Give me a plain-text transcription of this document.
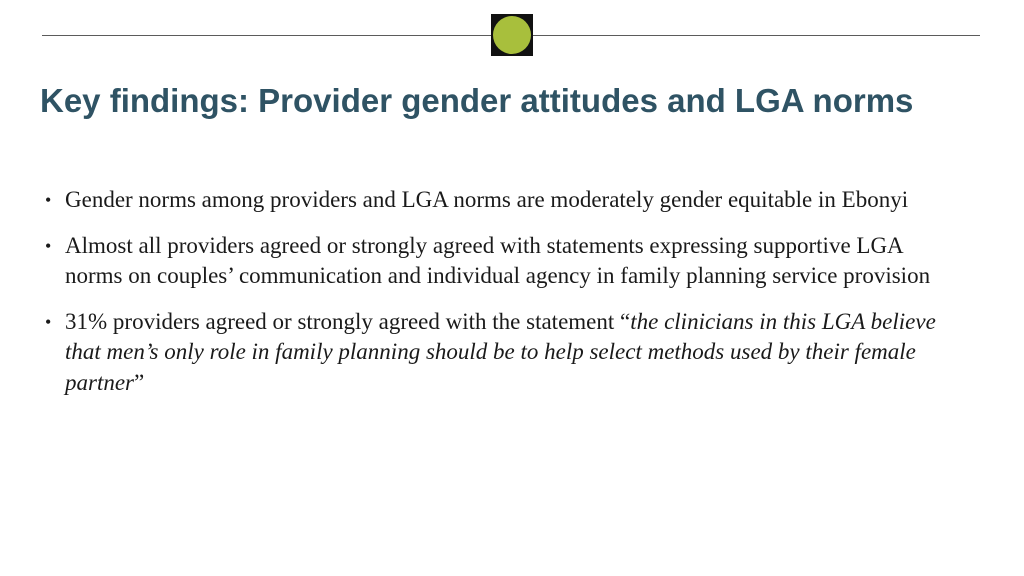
Key findings: Provider gender attitudes and LGA norms
• Gender norms among providers and LGA norms are moderately gender equitable in Ebonyi
• Almost all providers agreed or strongly agreed with statements expressing supportive LGA norms on couples’ communication and individual agency in family planning service provision
• 31% providers agreed or strongly agreed with the statement “the clinicians in this LGA believe that men’s only role in family planning should be to help select methods used by their female partner”
